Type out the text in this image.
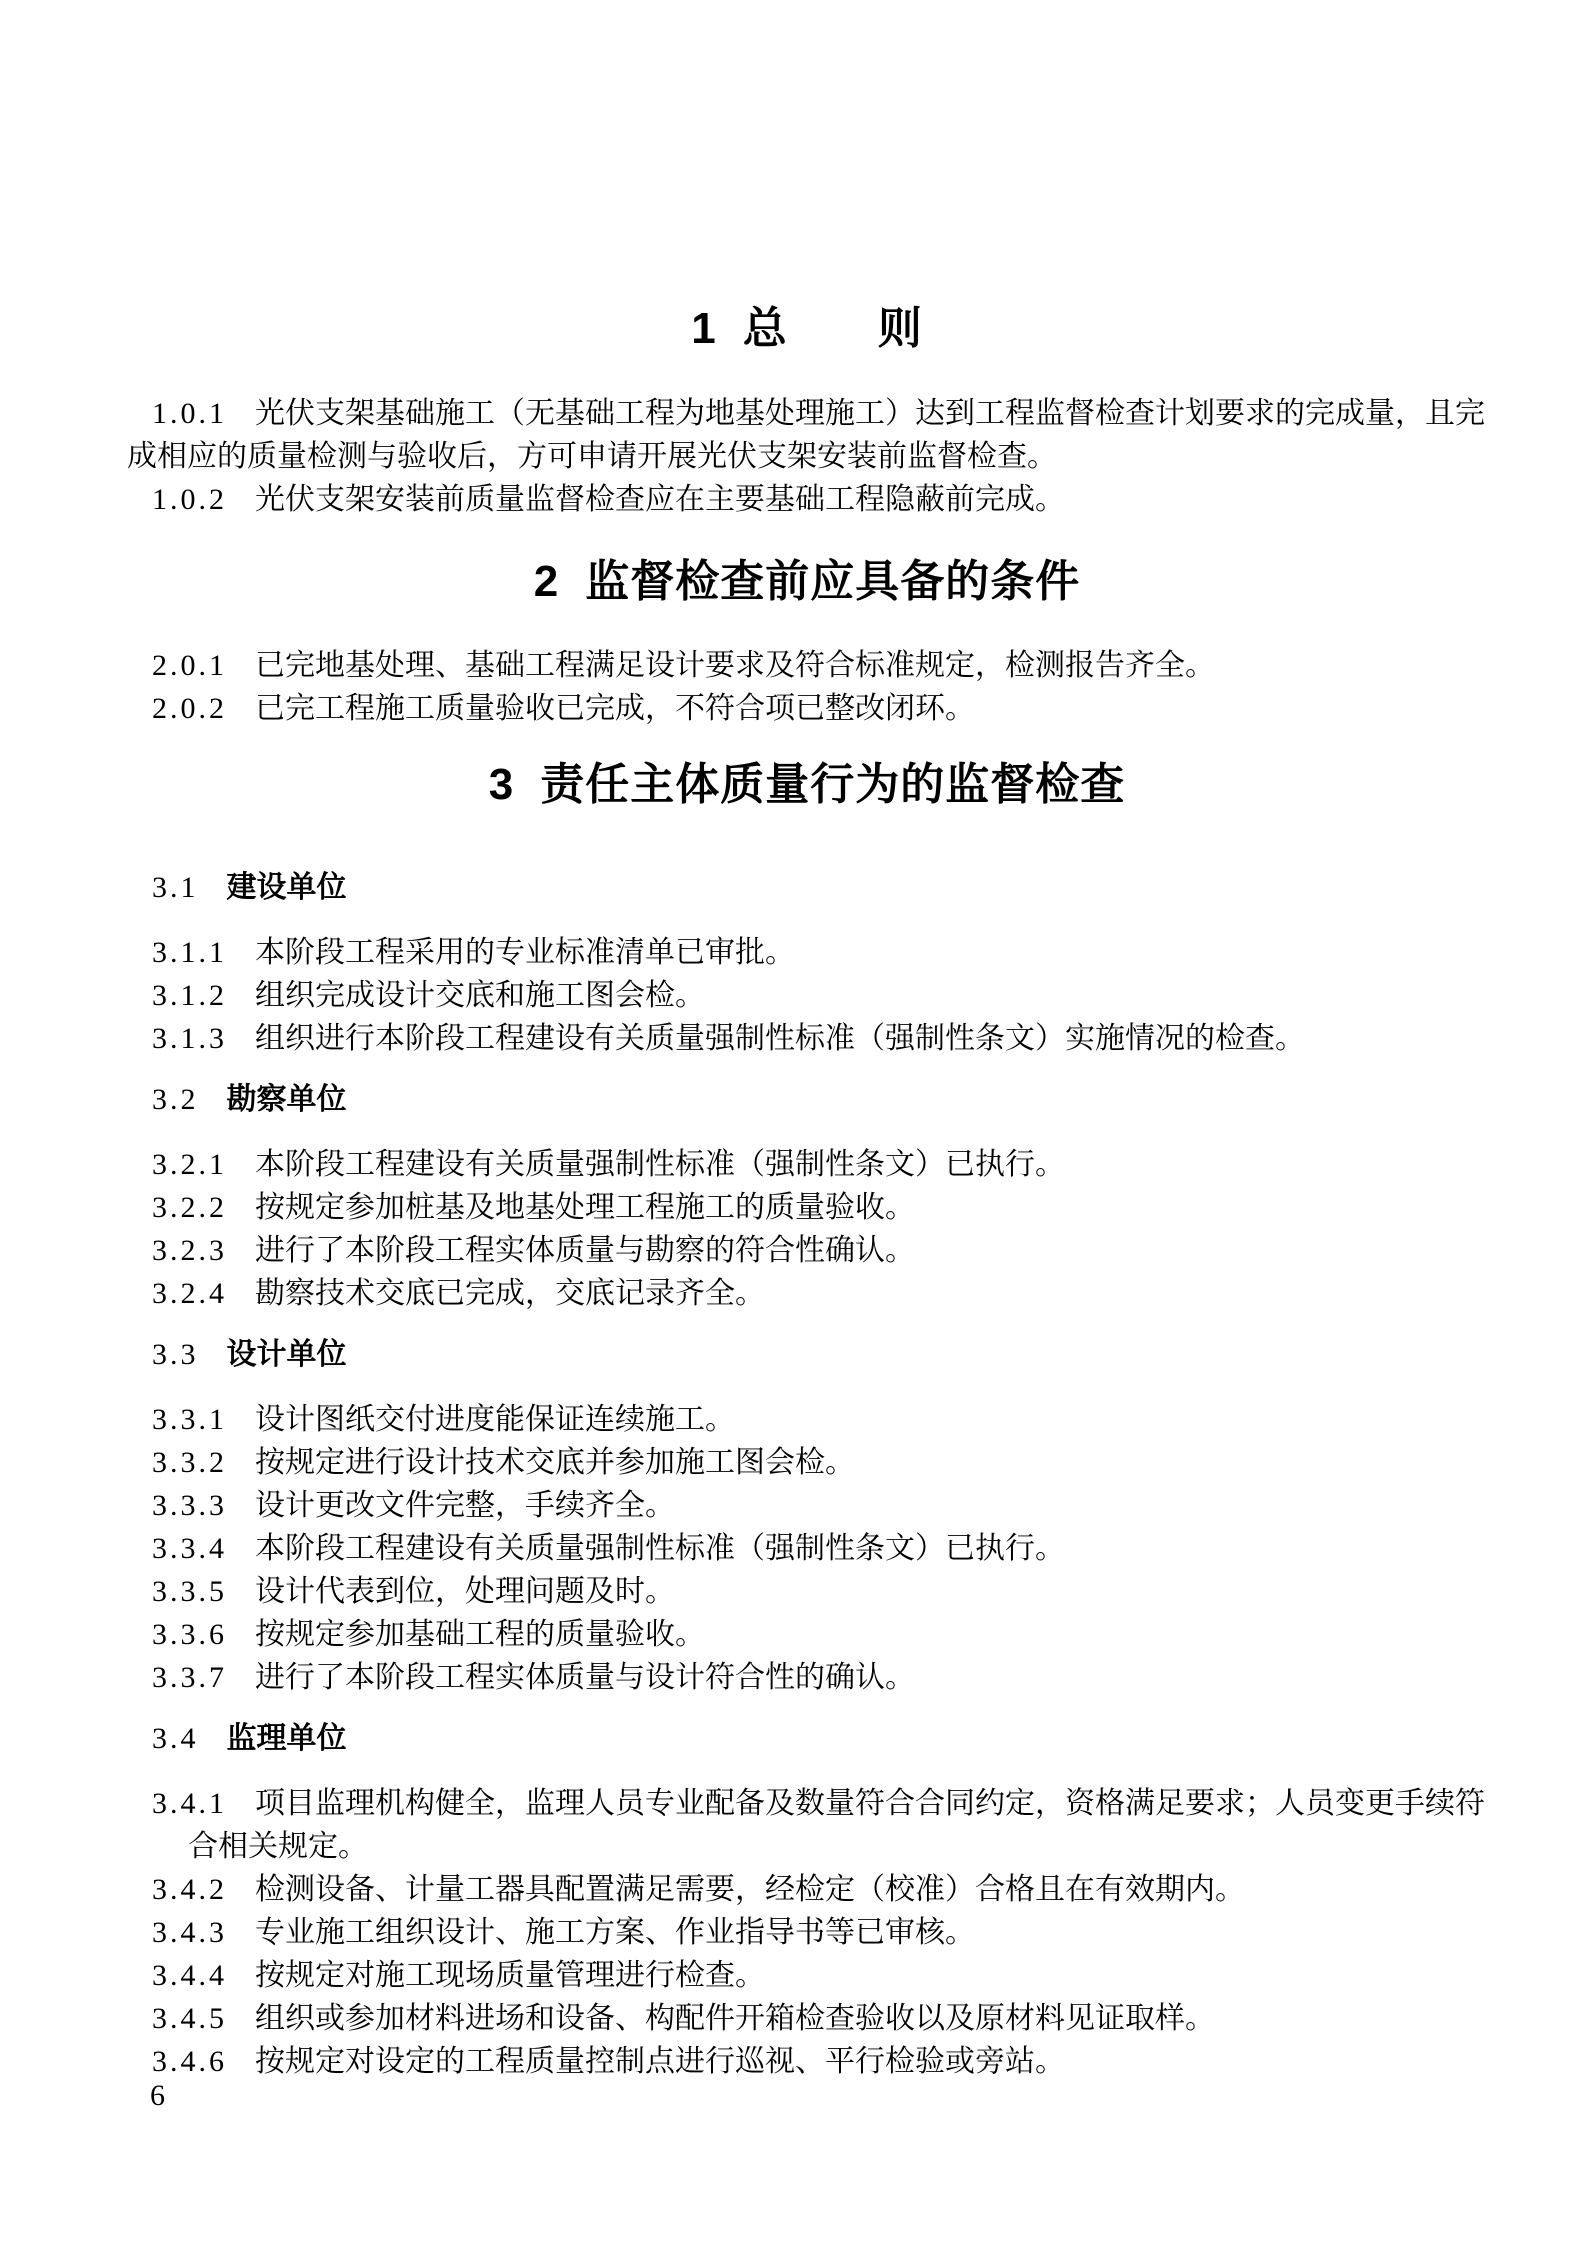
1 总　　则
1.0.1 光伏支架基础施工（无基础工程为地基处理施工）达到工程监督检查计划要求的完成量，且完
成相应的质量检测与验收后，方可申请开展光伏支架安装前监督检查。
1.0.2 光伏支架安装前质量监督检查应在主要基础工程隐蔽前完成。
2 监督检查前应具备的条件
2.0.1 已完地基处理、基础工程满足设计要求及符合标准规定，检测报告齐全。
2.0.2 已完工程施工质量验收已完成，不符合项已整改闭环。
3 责任主体质量行为的监督检查
3.1 建设单位
3.1.1 本阶段工程采用的专业标准清单已审批。
3.1.2 组织完成设计交底和施工图会检。
3.1.3 组织进行本阶段工程建设有关质量强制性标准（强制性条文）实施情况的检查。
3.2 勘察单位
3.2.1 本阶段工程建设有关质量强制性标准（强制性条文）已执行。
3.2.2 按规定参加桩基及地基处理工程施工的质量验收。
3.2.3 进行了本阶段工程实体质量与勘察的符合性确认。
3.2.4 勘察技术交底已完成，交底记录齐全。
3.3 设计单位
3.3.1 设计图纸交付进度能保证连续施工。
3.3.2 按规定进行设计技术交底并参加施工图会检。
3.3.3 设计更改文件完整，手续齐全。
3.3.4 本阶段工程建设有关质量强制性标准（强制性条文）已执行。
3.3.5 设计代表到位，处理问题及时。
3.3.6 按规定参加基础工程的质量验收。
3.3.7 进行了本阶段工程实体质量与设计符合性的确认。
3.4 监理单位
3.4.1 项目监理机构健全，监理人员专业配备及数量符合合同约定，资格满足要求；人员变更手续符
合相关规定。
3.4.2 检测设备、计量工器具配置满足需要，经检定（校准）合格且在有效期内。
3.4.3 专业施工组织设计、施工方案、作业指导书等已审核。
3.4.4 按规定对施工现场质量管理进行检查。
3.4.5 组织或参加材料进场和设备、构配件开箱检查验收以及原材料见证取样。
3.4.6 按规定对设定的工程质量控制点进行巡视、平行检验或旁站。
6
